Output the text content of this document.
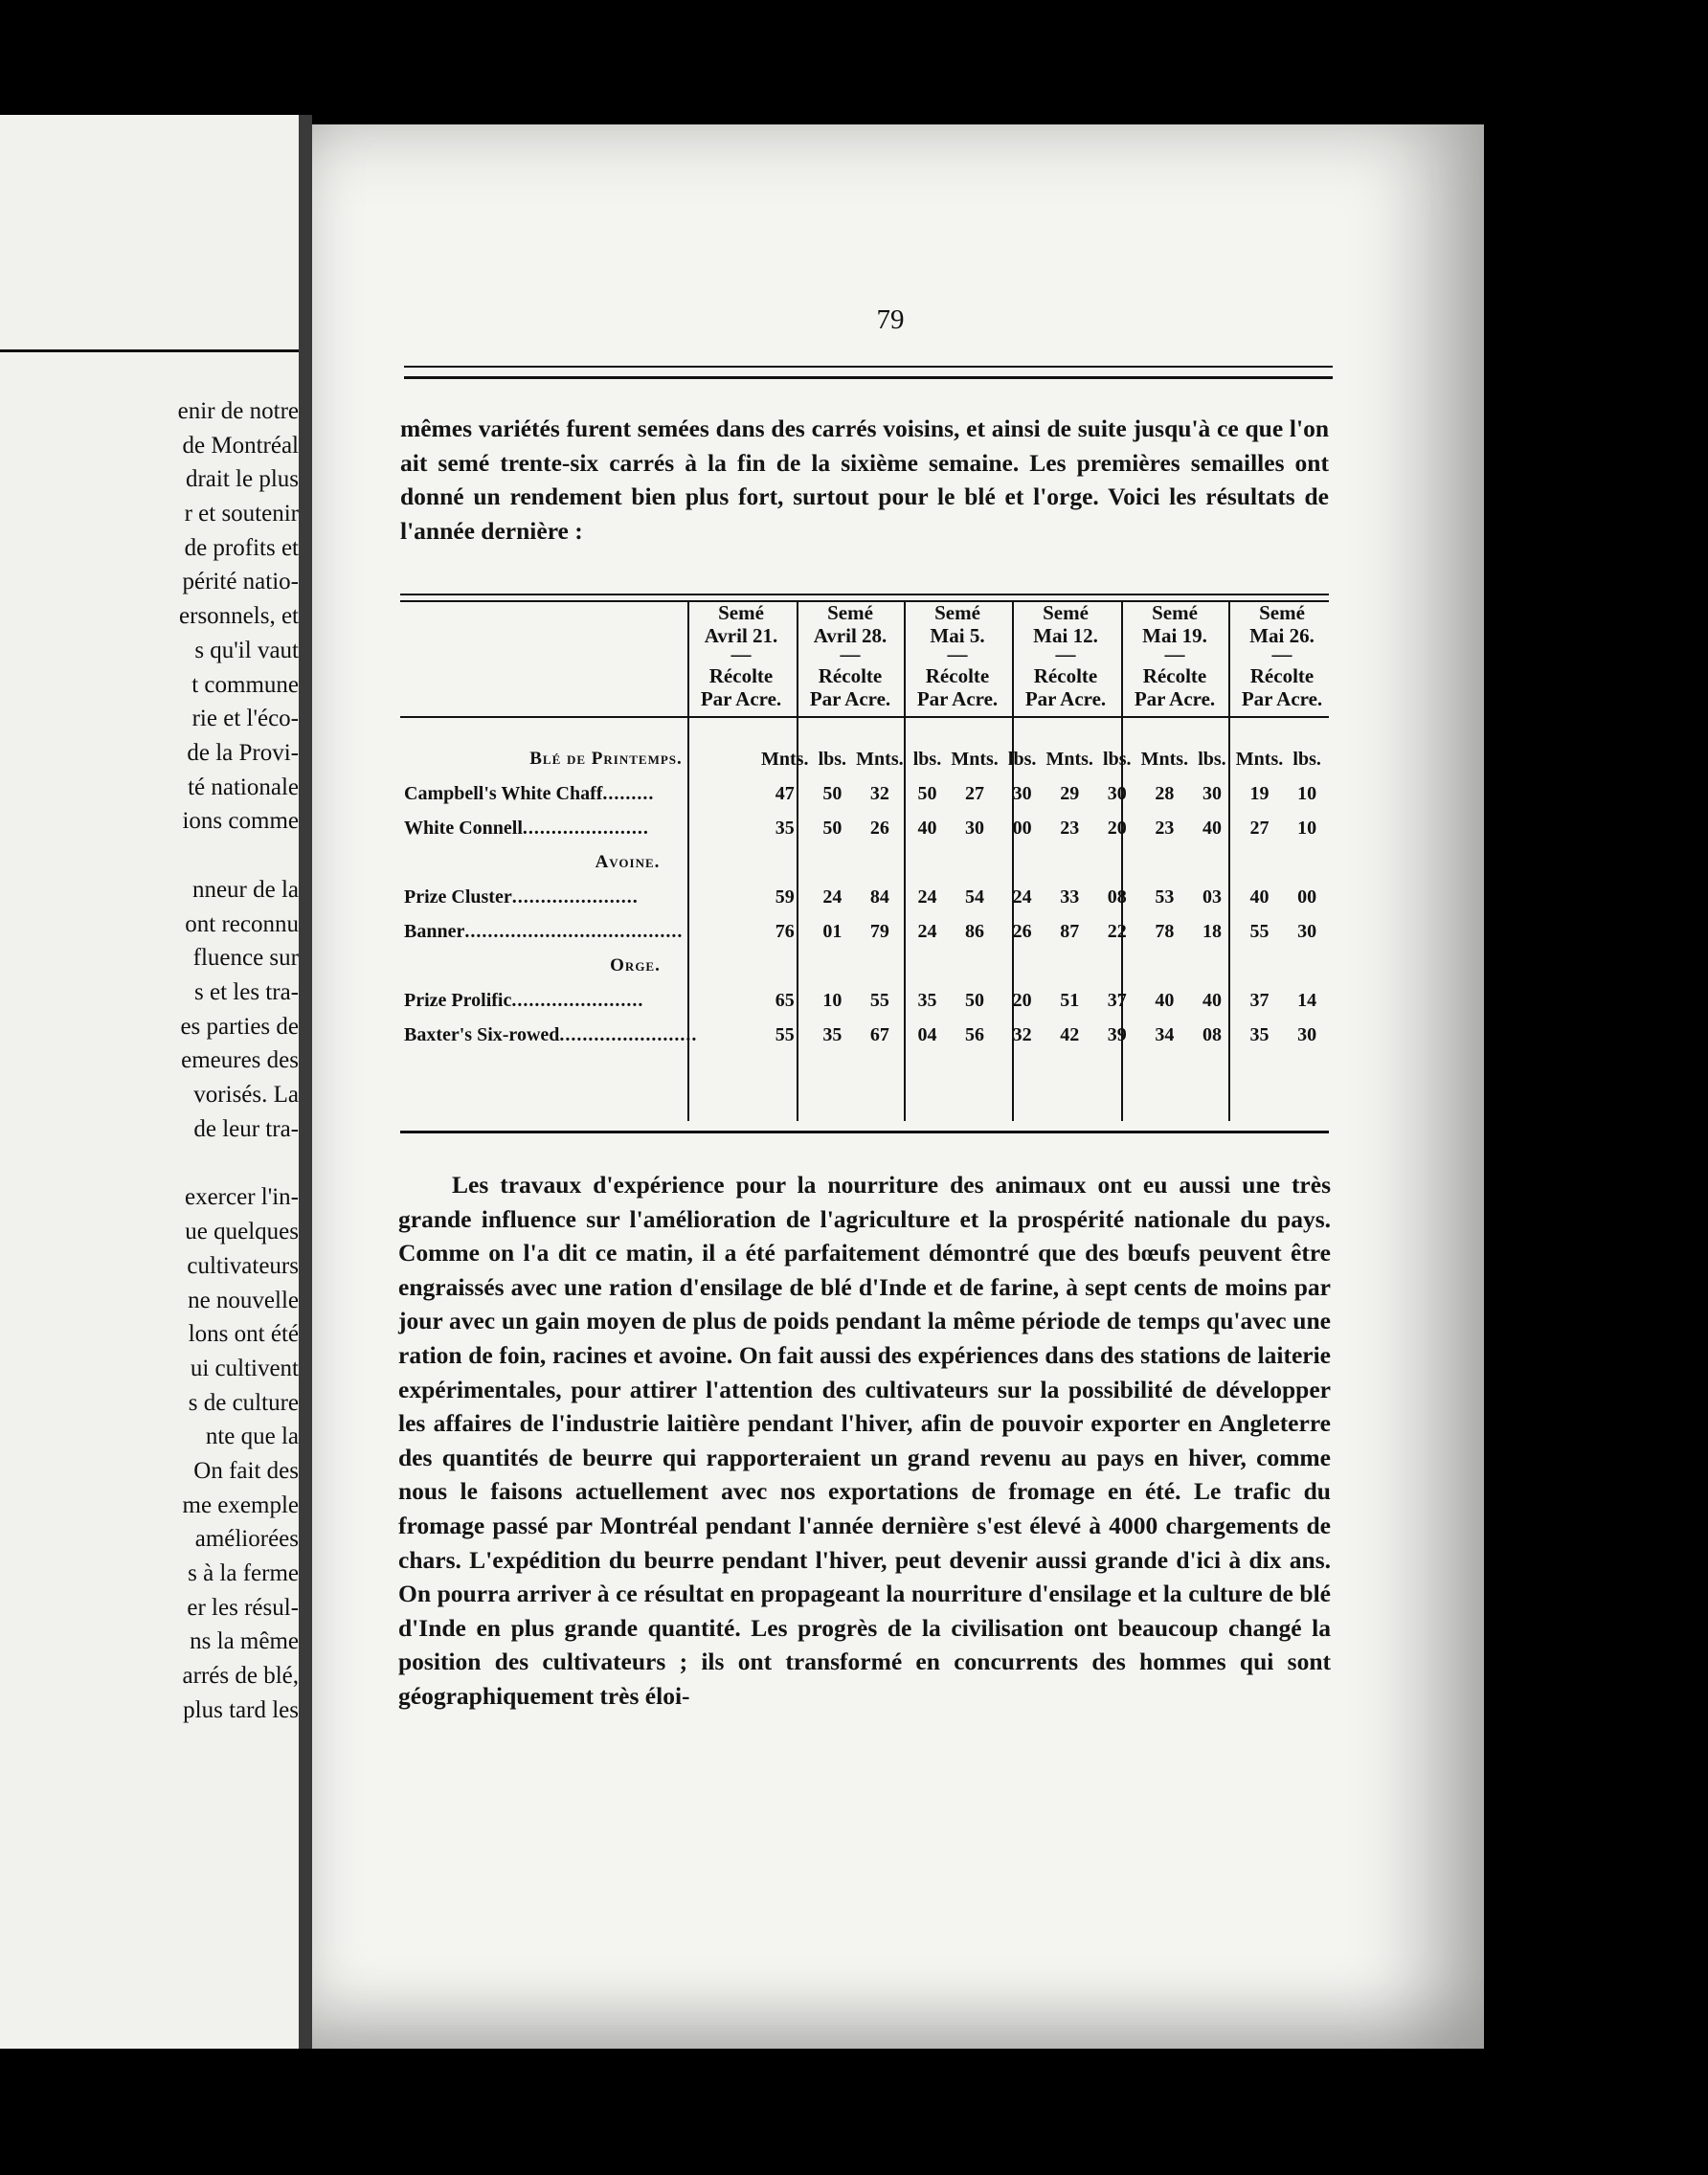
enir de notre
de Montréal
drait le plus
r et soutenir
de profits et
périté natio-
ersonnels, et
s qu'il vaut
t commune
rie et l'éco-
de la Provi-
té nationale
ions comme
nneur de la
ont reconnu
fluence sur
s et les tra-
es parties de
emeures des
vorisés. La
de leur tra-
exercer l'in-
ue quelques
cultivateurs
ne nouvelle
lons ont été
ui cultivent
s de culture
nte que la
On fait des
me exemple
améliorées
s à la ferme
er les résul-
ns la même
arrés de blé,
plus tard les
79

mêmes variétés furent semées dans des carrés voisins, et ainsi de suite jusqu'à ce que l'on ait semé trente-six carrés à la fin de la sixième semaine. Les premières semailles ont donné un rendement bien plus fort, surtout pour le blé et l'orge. Voici les résultats de l'année dernière :

Semé
Avril 21.
—
Récolte
Par Acre.
Semé
Avril 28.
—
Récolte
Par Acre.
Semé
Mai 5.
—
Récolte
Par Acre.
Semé
Mai 12.
—
Récolte
Par Acre.
Semé
Mai 19.
—
Récolte
Par Acre.
Semé
Mai 26.
—
Récolte
Par Acre.
Blé de Printemps.	Mnts.	lbs.	Mnts.	lbs.	Mnts.	lbs.	Mnts.	lbs.	Mnts.	lbs.	Mnts.	lbs.
Campbell's White Chaff.........	47	50	32	50	27	30	29	30	28	30	19	10
White Connell......................	35	50	26	40	30	00	23	20	23	40	27	10
Avoine.												
Prize Cluster......................	59	24	84	24	54	24	33	08	53	03	40	00
Banner......................................	76	01	79	24	86	26	87	22	78	18	55	30
Orge.												
Prize Prolific.......................	65	10	55	35	50	20	51	37	40	40	37	14
Baxter's Six-rowed........................	55	35	67	04	56	32	42	39	34	08	35	30

Les travaux d'expérience pour la nourriture des animaux ont eu aussi une très grande influence sur l'amélioration de l'agriculture et la prospérité nationale du pays. Comme on l'a dit ce matin, il a été parfaitement démontré que des bœufs peuvent être engraissés avec une ration d'ensilage de blé d'Inde et de farine, à sept cents de moins par jour avec un gain moyen de plus de poids pendant la même période de temps qu'avec une ration de foin, racines et avoine. On fait aussi des expériences dans des stations de laiterie expérimentales, pour attirer l'attention des cultivateurs sur la possibilité de développer les affaires de l'industrie laitière pendant l'hiver, afin de pouvoir exporter en Angleterre des quantités de beurre qui rapporteraient un grand revenu au pays en hiver, comme nous le faisons actuellement avec nos exportations de fromage en été. Le trafic du fromage passé par Montréal pendant l'année dernière s'est élevé à 4000 chargements de chars. L'expédition du beurre pendant l'hiver, peut devenir aussi grande d'ici à dix ans. On pourra arriver à ce résultat en propageant la nourriture d'ensilage et la culture de blé d'Inde en plus grande quantité. Les progrès de la civilisation ont beaucoup changé la position des cultivateurs ; ils ont transformé en concurrents des hommes qui sont géographiquement très éloi-
